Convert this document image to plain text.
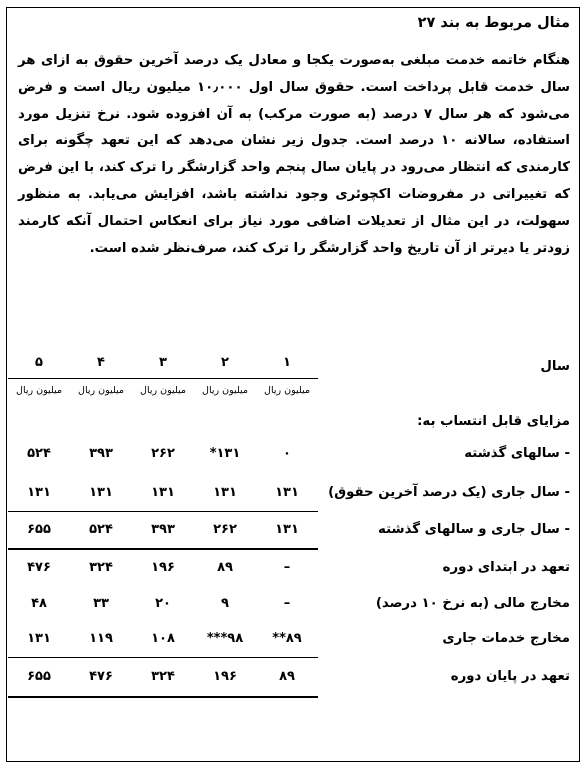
مثال مربوط به بند ۲۷

هنگام خاتمه خدمت مبلغی به‌صورت یکجا و معادل یک درصد آخرین حقوق به ازای هر سال خدمت قابل پرداخت است. حقوق سال اول ۱۰٫۰۰۰ میلیون ریال است و فرض می‌شود که هر سال ۷ درصد (به صورت مرکب) به آن افزوده شود. نرخ تنزیل مورد استفاده، سالانه ۱۰ درصد است. جدول زیر نشان می‌دهد که این تعهد چگونه برای کارمندی که انتظار می‌رود در پایان سال پنجم واحد گزارشگر را ترک کند، با این فرض که تغییراتی در مفروضات اکچوئری وجود نداشته باشد، افزایش می‌یابد. به منظور سهولت، در این مثال از تعدیلات اضافی مورد نیاز برای انعکاس احتمال آنکه کارمند زودتر یا دیرتر از آن تاریخ واحد گزارشگر را ترک کند، صرف‌نظر شده است.

سال
۱
۲
۳
۴
۵
میلیون ریال
میلیون ریال
میلیون ریال
میلیون ریال
میلیون ریال
مزایای قابل انتساب به:
- سالهای گذشته
۰
*۱۳۱
۲۶۲
۳۹۳
۵۲۴
- سال جاری (یک درصد آخرین حقوق)
۱۳۱
۱۳۱
۱۳۱
۱۳۱
۱۳۱
- سال جاری و سالهای گذشته
۱۳۱
۲۶۲
۳۹۳
۵۲۴
۶۵۵
تعهد در ابتدای دوره
–
۸۹
۱۹۶
۳۲۴
۴۷۶
مخارج مالی (به نرخ ۱۰ درصد)
–
۹
۲۰
۳۳
۴۸
مخارج خدمات جاری
**۸۹
***۹۸
۱۰۸
۱۱۹
۱۳۱
تعهد در پایان دوره
۸۹
۱۹۶
۳۲۴
۴۷۶
۶۵۵
